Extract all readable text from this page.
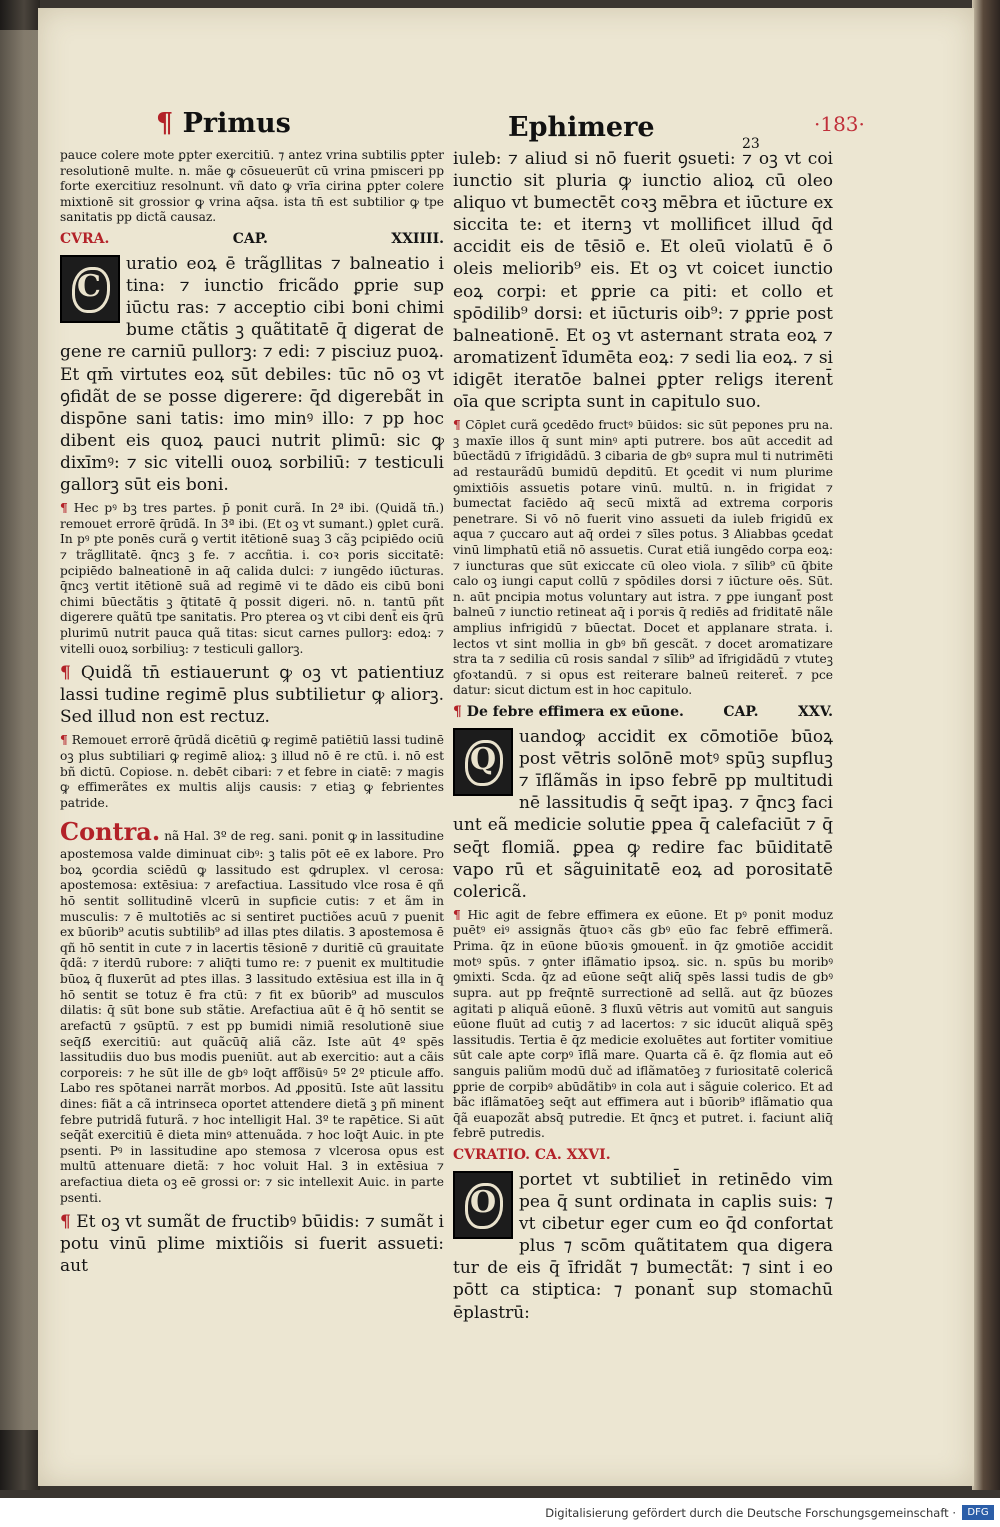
¶ Primus	Ephimere
23
·183·

pauce colere mote ꝑpter exercitiū. ⁊ antez vrina subtilis ꝑpter resolutionē multe. n. mãe ꝙ cōsueuerūt cū vrina pmisceri pp forte exercitiuz resolnunt. vñ dato ꝙ vrīa cirina ꝑpter colere mixtionē sit grossior ꝙ vrina aq̄sa. ista tn̄ est subtilior ꝙ tpe sanitatis pp dictã causaz.

CVRA.	CAP.	XXIIII.
C

uratio eoꝝ ē trãgllitas ⁊ balneatio i tina: ⁊ iunctio fricãdo ꝑprie sup iūctu ras: ⁊ acceptio cibi boni chimi bume ctãtis ꝫ quãtitatē q̄ digerat de gene re carniū pullorꝫ: ⁊ edi: ⁊ pisciuz puoꝝ. Et qm̄ virtutes eoꝝ sūt debiles: tūc nō oꝫ vt ꝯfidãt de se posse digerere: q̄d digerebãt in dispōne sani tatis: imo minꝰ illo: ⁊ pp hoc dibent eis quoꝝ pauci nutrit plimū: sic ꝙ dixīmꝰ: ⁊ sic vitelli ouoꝝ sorbiliū: ⁊ testiculi gallorꝫ sūt eis boni.

¶ Hec pꝰ bꝫ tres partes. p̄ ponit curã. In 2ª ibi. (Quidã tn̄.) remouet errorē q̄rūdã. In 3ª ibi. (Et oꝫ vt sumant.) ꝯplet curã. In pꝰ pte ponēs curã ꝯ vertit itētionē suaꝫ 3 cãꝫ pcipiēdo ociū ⁊ trãgllitatē. q̄ncꝫ ꝫ fe. ⁊ accñtia. i. coꝛ poris siccitatē: pcipiēdo balneationē in aq̄ calida dulci: ⁊ iungēdo iūcturas. q̄ncꝫ vertit itētionē suã ad regimē vi te dādo eis cibū boni chimi būectãtis ꝫ q̄titatē q̄ possit digeri. nō. n. tantū pñt digerere quãtū tpe sanitatis. Pro pterea oꝫ vt cibi dent̄ eis q̄rū plurimū nutrit pauca quã titas: sicut carnes pullorꝫ: edoꝝ: ⁊ vitelli ouoꝝ sorbiliuꝫ: ⁊ testiculi gallorꝫ.

¶ Quidã tn̄ estiauerunt ꝙ oꝫ vt patientiuz lassi tudine regimē plus subtilietur ꝙ aliorꝫ. Sed illud non est rectuz.

¶ Remouet errorē q̄rūdã dicētiū ꝙ regimē patiētiū lassi tudinē oꝫ plus subtiliari ꝙ regimē alioꝝ: ꝫ illud nō ē re ctū. i. nō est bñ dictū. Copiose. n. debēt cibari: ⁊ et febre in ciatē: ⁊ magis ꝙ effimerãtes ex multis alijs causis: ⁊ etiaꝫ ꝙ febrientes patride.

Contra. nã Hal. 3º de reg. sani. ponit ꝙ in lassitudine apostemosa valde diminuat cibꝰ: ꝫ talis pōt eē ex labore. Pro boꝝ ꝯcordia sciēdū ꝙ lassitudo est ꝙdruplex. vl cerosa: apostemosa: extēsiua: ⁊ arefactiua. Lassitudo vlce rosa ē qñ hō sentit sollitudinē vlcerū in supficie cutis: ⁊ et ãm in musculis: ⁊ ē multotiēs ac si sentiret puctiões acuū ⁊ puenit ex būorib⁹ acutis subtilib⁹ ad illas ptes dilatis. Ꝫ apostemosa ē qñ hō sentit in cute ⁊ in lacertis tēsionē ⁊ duritiē cū grauitate q̄dã: ⁊ iterdū rubore: ⁊ aliq̄ti tumo re: ⁊ puenit ex multitudie būoꝝ q̄ fluxerūt ad ptes illas. Ꝫ lassitudo extēsiua est illa in q̄ hō sentit se totuz ē fra ctū: ⁊ fit ex būorib⁹ ad musculos dilatis: q̄ sūt bone sub stãtie. Arefactiua aūt ē q̄ hō sentit se arefactū ⁊ ꝯsūptū. ⁊ est pp bumidi nimiã resolutionē siue seq̄ẞ exercitiū: aut quãcūq̄ aliã cãz. Iste aūt 4º spēs lassitudiis duo bus modis pueniūt. aut ab exercitio: aut a cãis corporeis: ⁊ he sūt ille de gbꝰ loq̄t affo᷑isūꝰ 5º 2º pticule affo. Labo res spōtanei narrãt morbos. Ad ꝓpositū. Iste aūt lassitu dines: fiãt a cã intrinseca oportet attendere dietã ꝫ pñ minent febre putridã futurã. ⁊ hoc intelligit Hal. 3º te rapētice. Si aūt seq̄ãt exercitiū ē dieta minꝰ attenuãda. ⁊ hoc loq̄t Auic. in pte psenti. Pꝰ in lassitudine apo stemosa ⁊ vlcerosa opus est multū attenuare dietã: ⁊ hoc voluit Hal. Ꝫ in extēsiua ⁊ arefactiua dieta oꝫ eē grossi or: ⁊ sic intellexit Auic. in parte psenti.

¶ Et oꝫ vt sumãt de fructibꝰ būidis: ⁊ sumãt i potu vinū plime mixtiõis si fuerit assueti: aut

iuleb: ⁊ aliud si nō fuerit ꝯsueti: ⁊ oꝫ vt coi iunctio sit pluria ꝙ iunctio alioꝝ cū oleo aliquo vt bumectēt coꝛꝫ mēbra et iūcture ex siccita te: et iternꝫ vt mollificet illud q̄d accidit eis de tēsiō e. Et oleū violatū ē ō oleis meliorib⁹ eis. Et oꝫ vt coicet iunctio eoꝝ corpi: et ꝑprie ca piti: et collo et spōdilib⁹ dorsi: et iūcturis oib⁹: ⁊ ꝑprie post balneationē. Et oꝫ vt asternant strata eoꝝ ⁊ aromatizent̄ īdumēta eoꝝ: ⁊ sedi lia eoꝝ. ⁊ si idigēt iteratōe balnei ꝑpter religs iterent̄ oīa que scripta sunt in capitulo suo.

¶ Cōplet curã ꝯcedēdo fructꝰ būidos: sic sūt pepones pru na. ꝫ maxīe illos q̄ sunt minꝰ apti putrere. bos aūt accedit ad būectãdū ⁊ īfrigidãdū. Ꝫ cibaria de gbꝰ supra mul ti nutrimēti ad restaurãdū bumidū depditū. Et ꝯcedit vi num plurime ꝯmixtiōis assuetis potare vinū. multū. n. in frigidat ⁊ bumectat faciēdo aq̄ secū mixtã ad extrema corporis penetrare. Si vō nō fuerit vino assueti da iuleb frigidū ex aqua ⁊ çuccaro aut aq̄ ordei ⁊ sīles potus. Ꝫ Aliabbas ꝯcedat vinū limphatū etiã nō assuetis. Curat etiã iungēdo corpa eoꝝ: ⁊ iuncturas que sūt exiccate cū oleo viola. ⁊ sīlib⁹ cū q̄bite calo oꝫ iungi caput collū ⁊ spōdiles dorsi ⁊ iūcture oēs. Sūt. n. aūt pncipia motus voluntary aut istra. ⁊ ꝑpe iungant̄ post balneū ⁊ iunctio retineat aq̄ i porꝛis q̄ rediēs ad friditatē nãle amplius infrigidū ⁊ būectat. Docet et applanare strata. i. lectos vt sint mollia in gbꝰ bñ gescãt. ⁊ docet aromatizare stra ta ⁊ sedilia cū rosis sandal ⁊ sīlib⁹ ad īfrigidãdū ⁊ vtuteꝫ ꝯfoꝛtandū. ⁊ si opus est reiterare balneū reiteret̄. ⁊ pce datur: sicut dictum est in hoc capitulo.

¶ De febre effimera ex eūone.	CAP.	XXV.
Q

uandoꝙ accidit ex cōmotiōe būoꝝ post vētris solōnē motꝰ spūꝫ supfluꝫ ⁊ īflãmãs in ipso febrē pp multitudi nē lassitudis q̄ seq̄t ipaꝫ. ⁊ q̄ncꝫ faci unt eã medicie solutie ꝑpea q̄ calefaciūt ⁊ q̄ seq̄t flomiã. ꝑpea ꝙ redire fac būiditatē vapo rū et sãguinitatē eoꝝ ad porositatē colericã.

¶ Hic agit de febre effimera ex eūone. Et pꝰ ponit moduz puētꝰ eiꝰ assignãs q̄tuoꝛ cãs gbꝰ eūo fac febrē effimerã. Prima. q̄z in eūone būoꝛis ꝯmouent̄. in q̄z ꝯmotiōe accidit motꝰ spūs. ⁊ ꝯnter iflãmatio ipsoꝝ. sic. n. spūs bu moribꝰ ꝯmixti. Scda. q̄z ad eūone seq̄t aliq̄ spēs lassi tudis de gbꝰ supra. aut pp freq̄ntē surrectionē ad sellã. aut q̄z būozes agitati p aliquã eūonē. Ꝫ fluxū vētris aut vomitū aut sanguis eūone fluūt ad cutiꝫ ⁊ ad lacertos: ⁊ sic iducūt aliquã spēꝫ lassitudis. Tertia ē q̄z medicie exoluētes aut fortiter vomitiue sūt cale apte corpꝰ īflã mare. Quarta cã ē. q̄z flomia aut eō sanguis paliũm modū duč ad iflãmatōeꝫ ⁊ furiositatē colericã ꝑprie de corpibꝰ abūdãtibꝰ in cola aut i sãguie colerico. Et ad bãc iflãmatōeꝫ seq̄t aut effimera aut i būorib⁹ iflãmatio qua q̄ã euapozãt absq̄ putredie. Et q̄ncꝫ et putret. i. faciunt aliq̄ febrē putredis.

CVRATIO. CA. XXVI.
O

portet vt subtiliet̄ in retinēdo vim pea q̄ sunt ordinata in caplis suis: ⁊ vt cibetur eger cum eo q̄d confortat plus ⁊ scōm quãtitatem qua digera tur de eis q̄ īfridãt ⁊ bumectãt: ⁊ sint i eo pōtt ca stiptica: ⁊ ponant̄ sup stomachū ēplastrū:

Digitalisierung gefördert durch die Deutsche Forschungsgemeinschaft ·	DFG
